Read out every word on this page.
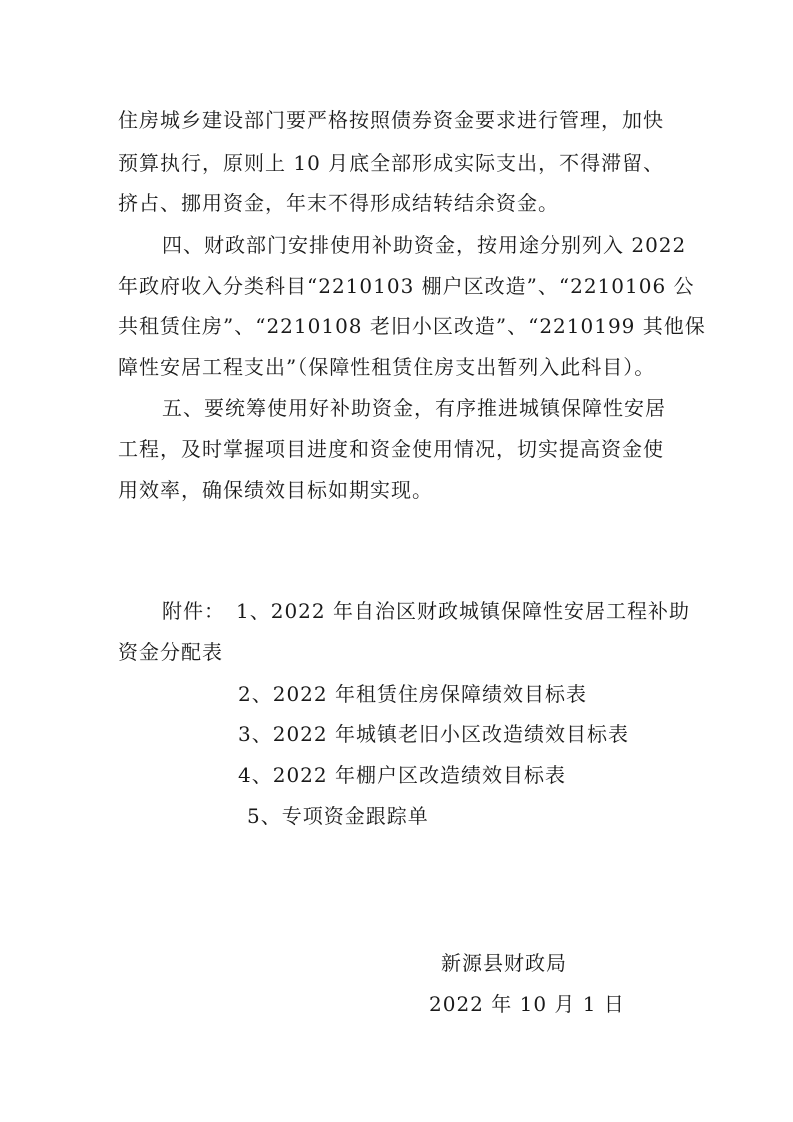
住房城乡建设部门要严格按照债券资金要求进行管理，加快
预算执行，原则上 10 月底全部形成实际支出，不得滞留、
挤占、挪用资金，年末不得形成结转结余资金。
四、财政部门安排使用补助资金，按用途分别列入 2022
年政府收入分类科目“2210103 棚户区改造”、“2210106 公
共租赁住房”、“2210108 老旧小区改造”、“2210199 其他保
障性安居工程支出”（保障性租赁住房支出暂列入此科目）。
五、要统筹使用好补助资金，有序推进城镇保障性安居
工程，及时掌握项目进度和资金使用情况，切实提高资金使
用效率，确保绩效目标如期实现。
附件： 1、2022 年自治区财政城镇保障性安居工程补助
资金分配表
2、2022 年租赁住房保障绩效目标表
3、2022 年城镇老旧小区改造绩效目标表
4、2022 年棚户区改造绩效目标表
5、专项资金跟踪单
新源县财政局
2022 年 10 月 1 日
